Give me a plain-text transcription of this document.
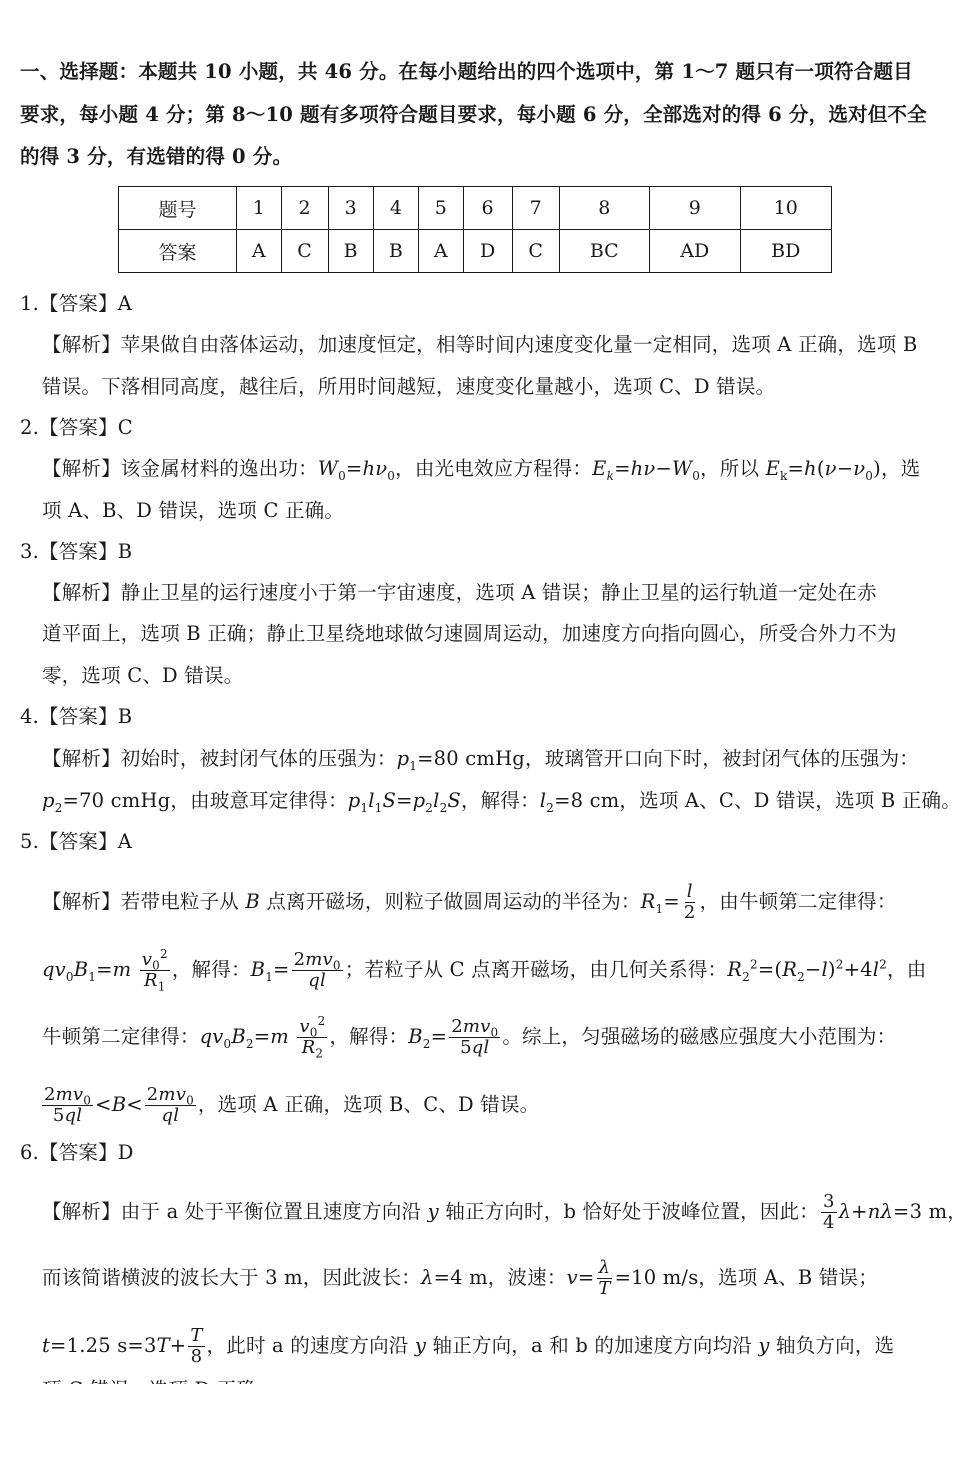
一、选择题：本题共 10 小题，共 46 分。在每小题给出的四个选项中，第 1～7 题只有一项符合题目
要求，每小题 4 分；第 8～10 题有多项符合题目要求，每小题 6 分，全部选对的得 6 分，选对但不全
的得 3 分，有选错的得 0 分。
题号	1	2	3	4	5	6	7	8	9	10
答案	A	C	B	B	A	D	C	BC	AD	BD
1.【答案】A
【解析】苹果做自由落体运动，加速度恒定，相等时间内速度变化量一定相同，选项 A 正确，选项 B
错误。下落相同高度，越往后，所用时间越短，速度变化量越小，选项 C、D 错误。
2.【答案】C
【解析】该金属材料的逸出功：$W_0=h\nu_0$，由光电效应方程得：$E_k=h\nu-W_0$，所以 $E_k=h(\nu-\nu_0)$，选
项 A、B、D 错误，选项 C 正确。
3.【答案】B
【解析】静止卫星的运行速度小于第一宇宙速度，选项 A 错误；静止卫星的运行轨道一定处在赤
道平面上，选项 B 正确；静止卫星绕地球做匀速圆周运动，加速度方向指向圆心，所受合外力不为
零，选项 C、D 错误。
4.【答案】B
【解析】初始时，被封闭气体的压强为：$p_1=80$ cmHg，玻璃管开口向下时，被封闭气体的压强为：
$p_2=70$ cmHg，由玻意耳定律得：$p_1l_1S=p_2l_2S$，解得：$l_2=8$ cm，选项 A、C、D 错误，选项 B 正确。
5.【答案】A
【解析】若带电粒子从 B 点离开磁场，则粒子做圆周运动的半径为：$R_1= \frac{l}{2}$ ，由牛顿第二定律得：
$qv_0B_1=m \frac{v_0^2}{R_1}$ ，解得：$B_1= \frac{2mv_0}{ql}$ ；若粒子从 C 点离开磁场，由几何关系得：$R_2^2=(R_2-l)^2+4l^2$，由
牛顿第二定律得：$qv_0B_2=m \frac{v_0^2}{R_2}$ ，解得：$B_2= \frac{2mv_0}{5ql}$ 。综上，匀强磁场的磁感应强度大小范围为：
$\frac{2mv_0}{5ql} <B< \frac{2mv_0}{ql}$ ，选项 A 正确，选项 B、C、D 错误。
6.【答案】D
【解析】由于 a 处于平衡位置且速度方向沿 y 轴正方向时，b 恰好处于波峰位置，因此： $\frac{3}{4} \lambda+n\lambda=3$ m，
而该简谐横波的波长大于 3 m，因此波长：λ=4 m，波速：$v= \frac{\lambda}{T} =10$ m/s，选项 A、B 错误；
t=1.25 $s=3T+ \frac{T}{8}$ ，此时 a 的速度方向沿 y 轴正方向，a 和 b 的加速度方向均沿 y 轴负方向，选
